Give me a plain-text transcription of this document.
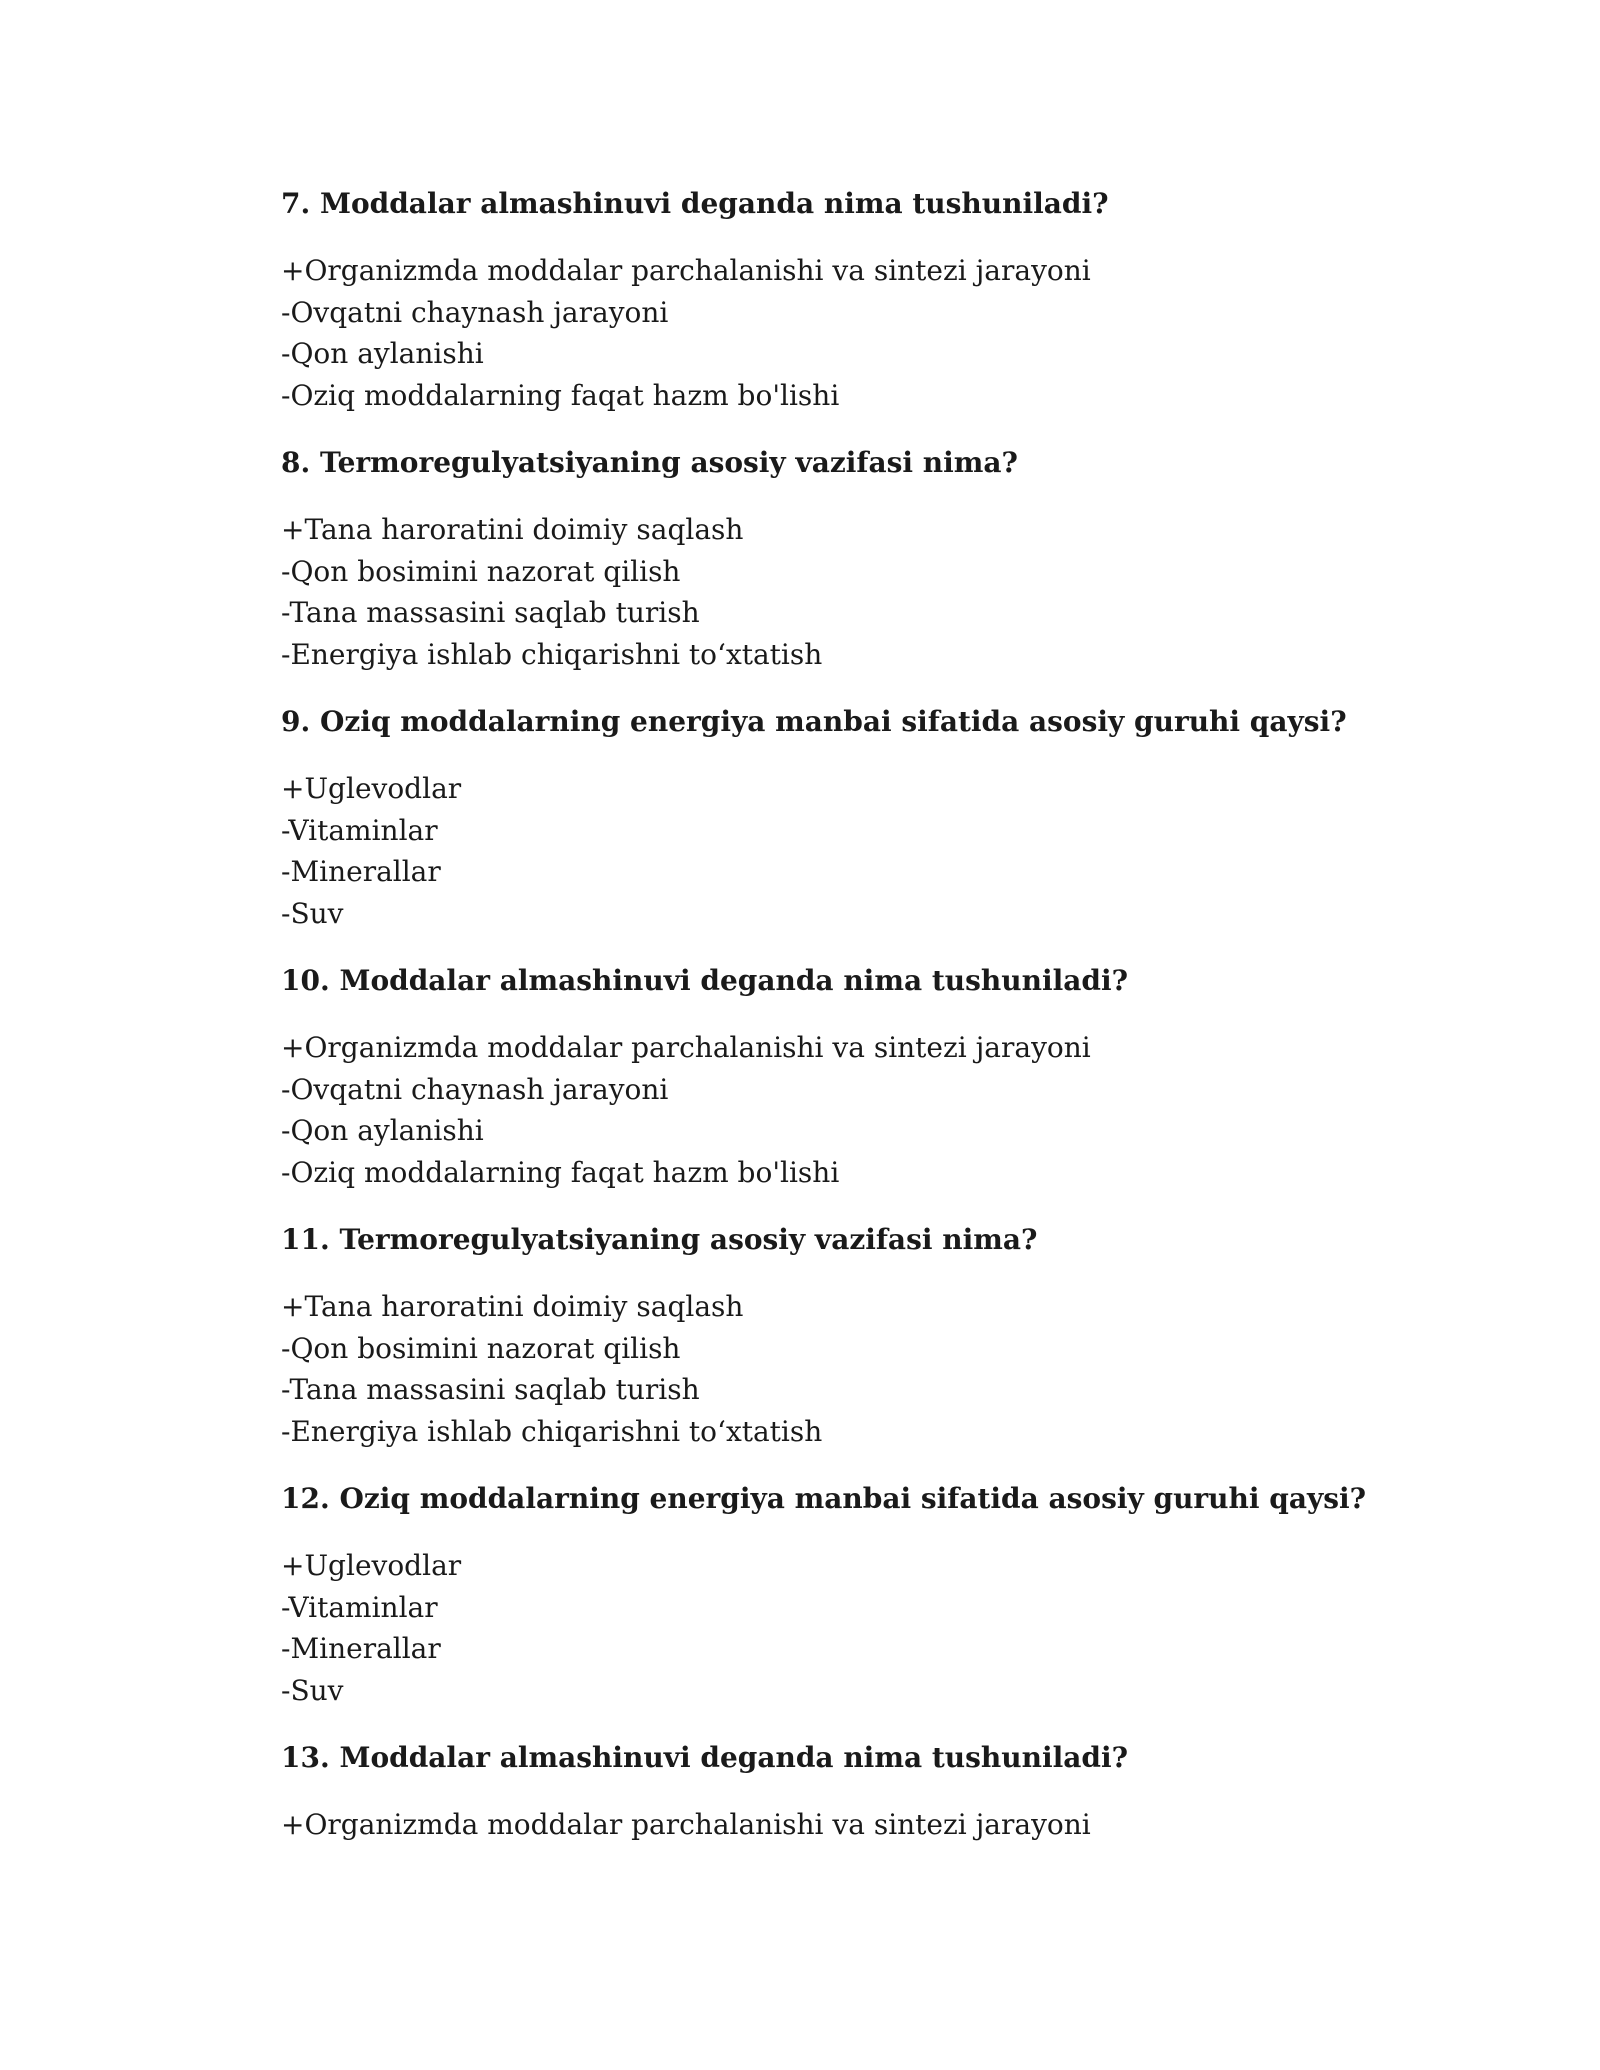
7. Moddalar almashinuvi deganda nima tushuniladi?
+Organizmda moddalar parchalanishi va sintezi jarayoni
-Ovqatni chaynash jarayoni
-Qon aylanishi
-Oziq moddalarning faqat hazm bo'lishi
8. Termoregulyatsiyaning asosiy vazifasi nima?
+Tana haroratini doimiy saqlash
-Qon bosimini nazorat qilish
-Tana massasini saqlab turish
-Energiya ishlab chiqarishni to‘xtatish
9. Oziq moddalarning energiya manbai sifatida asosiy guruhi qaysi?
+Uglevodlar
-Vitaminlar
-Minerallar
-Suv
10. Moddalar almashinuvi deganda nima tushuniladi?
+Organizmda moddalar parchalanishi va sintezi jarayoni
-Ovqatni chaynash jarayoni
-Qon aylanishi
-Oziq moddalarning faqat hazm bo'lishi
11. Termoregulyatsiyaning asosiy vazifasi nima?
+Tana haroratini doimiy saqlash
-Qon bosimini nazorat qilish
-Tana massasini saqlab turish
-Energiya ishlab chiqarishni to‘xtatish
12. Oziq moddalarning energiya manbai sifatida asosiy guruhi qaysi?
+Uglevodlar
-Vitaminlar
-Minerallar
-Suv
13. Moddalar almashinuvi deganda nima tushuniladi?
+Organizmda moddalar parchalanishi va sintezi jarayoni
